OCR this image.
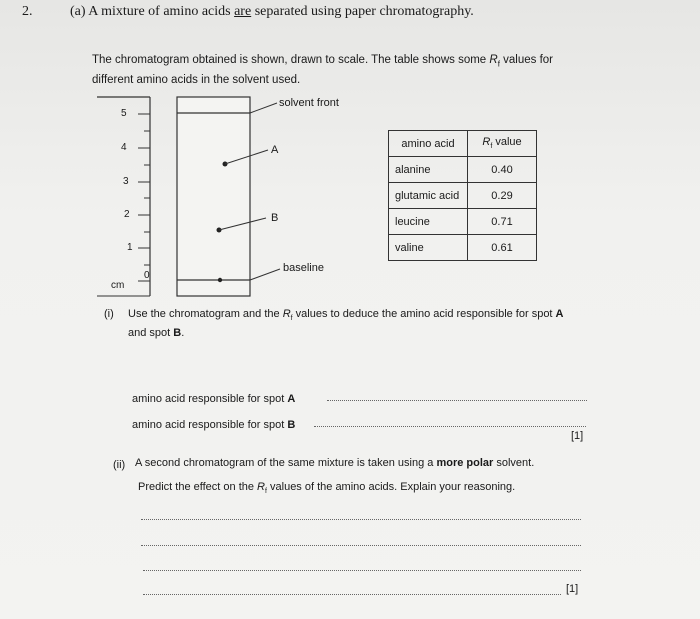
2.	(a) A mixture of amino acids are separated using paper chromatography.
The chromatogram obtained is shown, drawn to scale. The table shows some $R_f$ values for
different amino acids in the solvent used.
5
4
3
2
1
0
cm
solvent front
baseline
A
B
amino acid	$R_f$ value
alanine	0.40
glutamic acid	0.29
leucine	0.71
valine	0.61
(i) Use the chromatogram and the $R_f$ values to deduce the amino acid responsible for spot A
and spot B.
amino acid responsible for spot A
amino acid responsible for spot B
[1]
(ii) A second chromatogram of the same mixture is taken using a more polar solvent.
Predict the effect on the $R_f$ values of the amino acids. Explain your reasoning.
[1]
